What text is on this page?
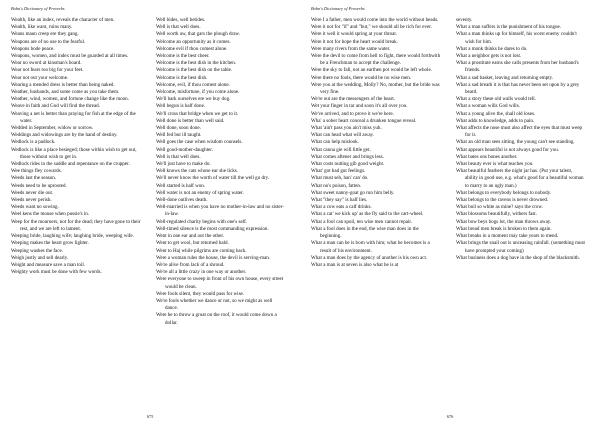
Bohn's Dictionary of Proverbs
Wealth, like an index, reveals the character of men.
Wealth, like want, ruins many.
Weans maun creep ere they gang.
Weapons are of no use to the fearful.
Weapons bode peace.
Weapons, women, and index must be guarded at all times.
Wear no sword at kinsman's board.
Wear not fears too big for your feet.
Wear not out your welcome.
Wearing a mended dress is better than being naked.
Weather, husbands, and some come as you take them.
Weather, wind, women, and fortune change like the moon.
Weave in faith and God will find the thread.
Weaving a net is better than praying for fish at the edge of the water.
Wedded in September, widow or sorrow.
Weddings and widowings are by the hand of destiny.
Wedlock is a padlock.
Wedlock is like a place besieged; those within wish to get out, those without wish to get in.
Wedlock rides in the saddle and repentance on the crupper.
Wee things fley cowards.
Weeds last the season.
Weeds need to be uprooted.
Weeds never die out.
Weeds never perish.
Weeds want no sowing.
Weel kens the mouse when pussie's in.
Weep for the mourners, not for the dead; they have gone to their rest, and we are left to lament.
Weeping bride, laughing wife; laughing bride, weeping wife.
Weeping makes the heart grow lighter.
Weeping washes the face.
Weigh justly and sell dearly.
Weight and measure save a man toil.
Weighty work must be done with few words.
Well bides, well betides.
Well is that well does.
Well worth aw, that gars the plough draw.
Welcome an opportunity as it comes.
Welcome evil if thou comest alone.
Welcome is the best cheer.
Welcome is the best dish in the kitchen.
Welcome is the best dish on the table.
Welcome is the best dish.
Welcome, evil, if thou comest alone.
Welcome, misfortune, if you come alone.
We'll bark ourselves ere we buy dog.
Well begun is half done.
We'll cross that bridge when we get to it.
Well done is better than well said.
Well done, soon done.
Well fed but ill taught.
Well goes the case when wisdom counsels.
Well good-mother-daughter.
Well is that well does.
We'll just have to make do.
Well knows the cats whose ear she licks.
We'll never know the worth of water till the well go dry.
Well started is half won.
Well water is not an enemy of spring water.
Well-done outlives death.
Well-married is when you have no mother-in-law and no sister-in-law.
Well-regulated charity begins with one's self.
Well-timed silence is the most commanding expression.
Went in one ear and out the other.
Went to get wool, but returned bald.
Went to Haj while pilgrims are coming back.
Were a woman rules the house, the devil is serving-man.
We're alive from lack of a shroud.
We're all a little crazy in one way or another.
Were everyone to sweep in front of his own house, every street would be clean.
Were fools silent, they would pass for wise.
We're fools whether we dance or not, so we might as well dance.
Were he to throw a groat on the roof, it would come down a dollar.
675
Bohn's Dictionary of Proverbs
Were I a father, men would come into the world without heads.
Were it not for "if" and "but," we should all be rich for ever.
Were it well it would spring at your throat.
Were it not for hope the heart would break.
Were many rivers from the same water.
Were the devil to come from hell to fight, there would forthwith be a Frenchman to accept the challenge.
Were the sky to fall, not an earthen pot would be left whole.
Were there no fools, there would be no wise men.
Were you at the wedding, Molly? No, mother, but the bride was very fine.
We're out are the messengers of the heart.
Wet your finger in tar and soon it's all over you.
We've arrived, and to prove it we're here.
Wha' a sober heart conceal a drunken tongue reveal.
What 'ain't pass you ain't miss yuh.
What can head what will away.
What can help mislook.
What canna gie will little get.
What comes aftener and brings less.
What costs nutting gib good weight.
What' got bad gut feelings.
What must seh, han' can' do.
What no's poison, fatten.
What sweet nanny-goat go run him belly.
What "they say" is half lies.
What a cow eats a calf drinks.
What a cat' we kick up' as the fly said to the cart-wheel.
What a fool can spoil, ten wise men cannot repair.
What a fool does in the end, the wise man does in the beginning.
What a man can be is born with him; what he becomes is a result of his environment.
What a man does by the agency of another is his own act.
What a man is at seven is also what he is at
seventy.
What a man suffers is the punishment of his tongue.
What a man thinks up for himself, his worst enemy couldn't wish for him.
What a monk thinks he dares to do.
What a neighbor gets is not lost.
What a prostitute earns she calls presents from her husband's friends.
What a sad basket, leaving and returning empty.
What a sad breath it is that has never been set upon by a grey beard.
What a story these old walls would tell.
What a woman wills God wills.
What a young alive the, shall old loses.
What adds to knowledge, adds to pain.
What affects the nose must also affect the eyes that must weep for it.
What an old man sees sitting, the young can't see standing.
What appears beautiful is not always good for you.
What bates ons bones another.
What beauty ever is what teaches you.
What beautiful feathers the night jar has. (Put your talent, ability in good use, e.g. what's good for a beautiful woman to marry to an ugly man.)
What belongs to everybody belongs to nobody.
What belongs to the ravens is never drowned.
What boil so white as mine? says the crow.
What blossoms beautifully, withers fast.
What bow beys bogs lot, the man throws away.
What bread men break is broken to them again.
What breaks in a moment may take years to mend.
What brings the snail out is unceasing rainfall. (something must have prompted your coming)
What business does a dog have in the shop of the blacksmith.
676
